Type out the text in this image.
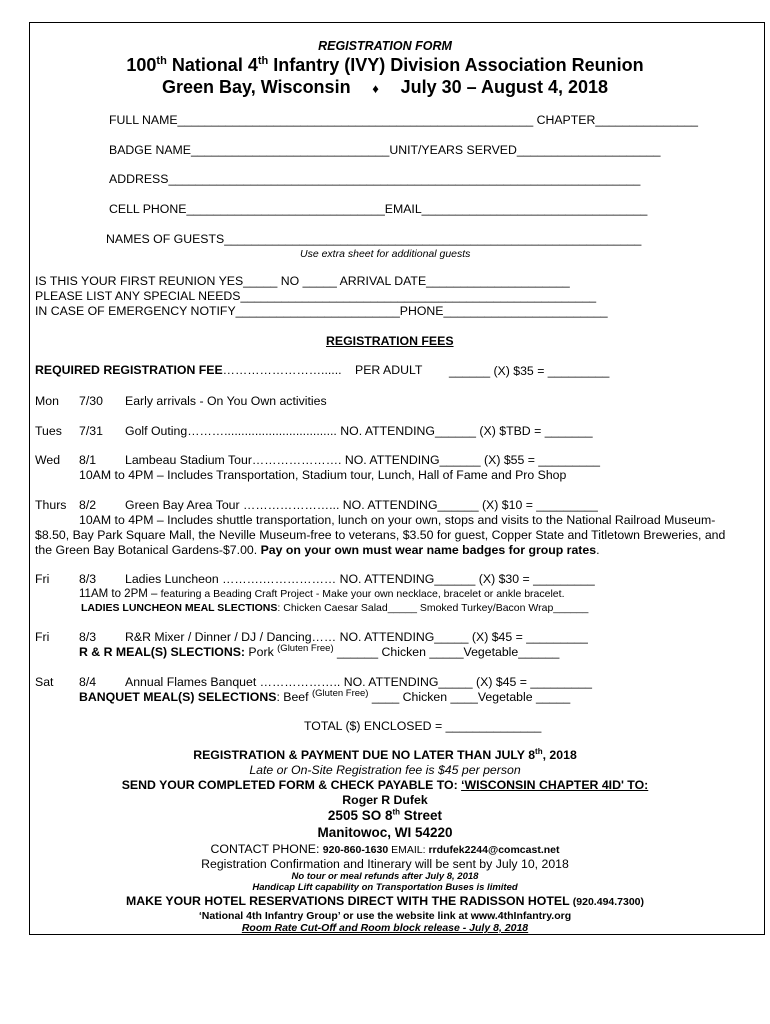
REGISTRATION FORM
100th National 4th Infantry (IVY) Division Association Reunion
Green Bay, Wisconsin ♦ July 30 – August 4, 2018
FULL NAME____________________________________________________ CHAPTER_______________
BADGE NAME_____________________________UNIT/YEARS SERVED_____________________
ADDRESS_____________________________________________________________________
CELL PHONE_____________________________EMAIL_________________________________
NAMES OF GUESTS_____________________________________________________________
Use extra sheet for additional guests
IS THIS YOUR FIRST REUNION YES_____ NO _____ ARRIVAL DATE_____________________
PLEASE LIST ANY SPECIAL NEEDS____________________________________________________
IN CASE OF EMERGENCY NOTIFY________________________PHONE________________________
REGISTRATION FEES
REQUIRED REGISTRATION FEE……………………...... PER ADULT ______ (X) $35 = _________
Mon 7/30 Early arrivals - On You Own activities
Tues 7/31 Golf Outing………................................. NO. ATTENDING______ (X) $TBD = _______
Wed 8/1 Lambeau Stadium Tour…………………. NO. ATTENDING______ (X) $55 = _________
10AM to 4PM – Includes Transportation, Stadium tour, Lunch, Hall of Fame and Pro Shop
Thurs 8/2 Green Bay Area Tour …………………... NO. ATTENDING______ (X) $10 = _________
10AM to 4PM – Includes shuttle transportation, lunch on your own, stops and visits to the National Railroad Museum-
$8.50, Bay Park Square Mall, the Neville Museum-free to veterans, $3.50 for guest, Copper State and Titletown Breweries, and
the Green Bay Botanical Gardens-$7.00. Pay on your own must wear name badges for group rates.
Fri 8/3 Ladies Luncheon ……….……………… NO. ATTENDING______ (X) $30 = _________
11AM to 2PM – featuring a Beading Craft Project - Make your own necklace, bracelet or ankle bracelet.
LADIES LUNCHEON MEAL SLECTIONS: Chicken Caesar Salad_____ Smoked Turkey/Bacon Wrap______
Fri 8/3 R&R Mixer / Dinner / DJ / Dancing…… NO. ATTENDING_____ (X) $45 = _________
R & R MEAL(S) SLECTIONS: Pork $^{(Gluten Free)}$ ______ Chicken _____Vegetable______
Sat 8/4 Annual Flames Banquet ……………….. NO. ATTENDING_____ (X) $45 = _________
BANQUET MEAL(S) SELECTIONS: Beef $^{(Gluten Free)}$ ____ Chicken ____Vegetable _____
TOTAL ($) ENCLOSED = ______________
REGISTRATION & PAYMENT DUE NO LATER THAN JULY 8th, 2018
Late or On-Site Registration fee is $45 per person
SEND YOUR COMPLETED FORM & CHECK PAYABLE TO: ‘WISCONSIN CHAPTER 4ID' TO:
Roger R Dufek
2505 SO 8th Street
Manitowoc, WI 54220
CONTACT PHONE: 920-860-1630 EMAIL: rrdufek2244@comcast.net
Registration Confirmation and Itinerary will be sent by July 10, 2018
No tour or meal refunds after July 8, 2018
Handicap Lift capability on Transportation Buses is limited
MAKE YOUR HOTEL RESERVATIONS DIRECT WITH THE RADISSON HOTEL (920.494.7300)
‘National 4th Infantry Group’ or use the website link at www.4thInfantry.org
Room Rate Cut-Off and Room block release - July 8, 2018
